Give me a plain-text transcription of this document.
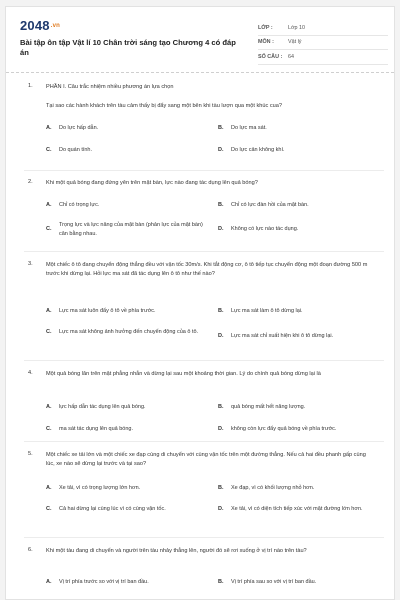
$2048^{.vn}$
Bài tập ôn tập Vật lí 10 Chân trời sáng tạo Chương 4 có đáp án
LỚP :	Lớp 10
MÔN :	Vật lý
SỐ CÂU :	64
1.	PHẦN I. Câu trắc nhiệm nhiều phương án lựa chọn
Tại sao các hành khách trên tàu cảm thấy bị đẩy sang một bên khi tàu lượn qua một khúc cua?
A.	Do lực hấp dẫn.	B.	Do lực ma sát.
C.	Do quán tính.	D.	Do lực cản không khí.
2.	Khi một quả bóng đang đứng yên trên mặt bàn, lực nào đang tác dụng lên quả bóng?
A.	Chỉ có trọng lực.	B.	Chỉ có lực đàn hồi của mặt bàn.
C.
Trọng lực và lực nâng của mặt bàn (phản lực của mặt bàn) cân bằng nhau.
D.	Không có lực nào tác dụng.
3.	Một chiếc ô tô đang chuyển động thẳng đều với vận tốc 30m/s. Khi tắt động cơ, ô tô tiếp tục chuyển động một đoạn đường 500 m trước khi dừng lại. Hỏi lực ma sát đã tác dụng lên ô tô như thế nào?
A.	Lực ma sát luôn đẩy ô tô về phía trước.	B.	Lực ma sát làm ô tô dừng lại.
C.	Lực ma sát không ảnh hưởng đến chuyển động của ô tô.
D.	Lực ma sát chỉ xuất hiện khi ô tô dừng lại.
4.	Một quả bóng lăn trên mặt phẳng nhẵn và dừng lại sau một khoảng thời gian. Lý do chính quả bóng dừng lại là
A.	lực hấp dẫn tác dụng lên quả bóng.	B.	quả bóng mất hết năng lượng.
C.	ma sát tác dụng lên quả bóng.	D.	không còn lực đẩy quả bóng về phía trước.
5.	Một chiếc xe tải lớn và một chiếc xe đạp cùng di chuyển với cùng vận tốc trên một đường thẳng. Nếu cả hai đều phanh gấp cùng lúc, xe nào sẽ dừng lại trước và tại sao?
A.	Xe tải, vì có trọng lượng lớn hơn.	B.	Xe đạp, vì có khối lượng nhỏ hơn.
C.	Cả hai dừng lại cùng lúc vì có cùng vận tốc.	D.	Xe tải, vì có diện tích tiếp xúc với mặt đường lớn hơn.
6.	Khi một tàu đang di chuyển và người trên tàu nhảy thẳng lên, người đó sẽ rơi xuống ở vị trí nào trên tàu?
A.	Vị trí phía trước so với vị trí ban đầu.	B.	Vị trí phía sau so với vị trí ban đầu.
